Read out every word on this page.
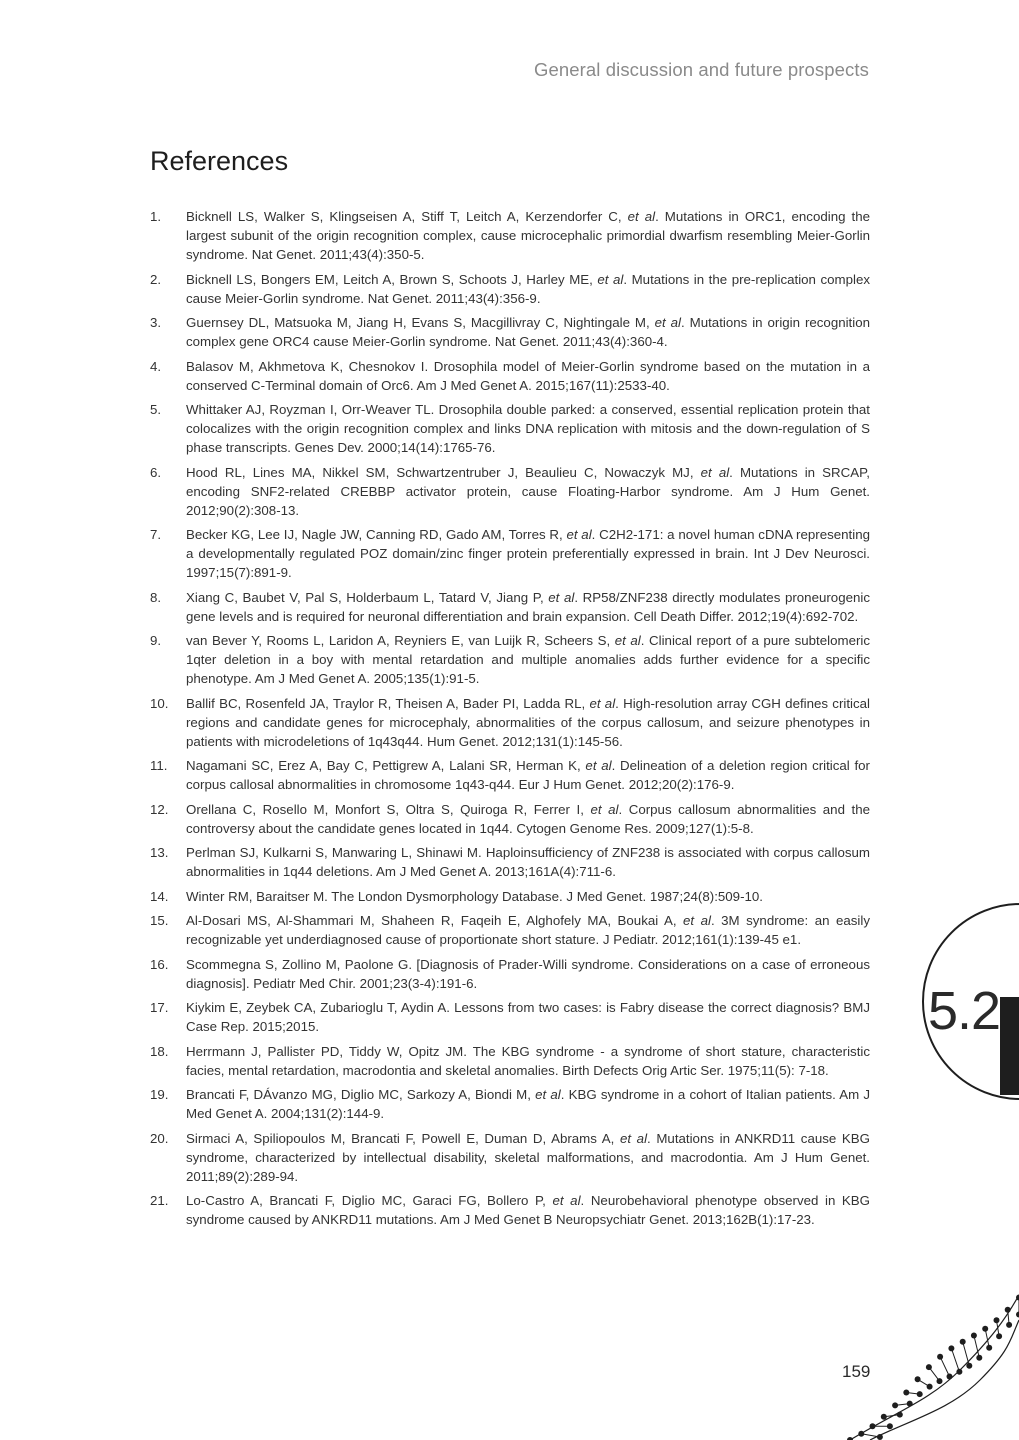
General discussion and future prospects
References
1. Bicknell LS, Walker S, Klingseisen A, Stiff T, Leitch A, Kerzendorfer C, et al. Mutations in ORC1, encoding the largest subunit of the origin recognition complex, cause microcephalic primordial dwarfism resembling Meier-Gorlin syndrome. Nat Genet. 2011;43(4):350-5.
2. Bicknell LS, Bongers EM, Leitch A, Brown S, Schoots J, Harley ME, et al. Mutations in the pre-replication complex cause Meier-Gorlin syndrome. Nat Genet. 2011;43(4):356-9.
3. Guernsey DL, Matsuoka M, Jiang H, Evans S, Macgillivray C, Nightingale M, et al. Mutations in origin recognition complex gene ORC4 cause Meier-Gorlin syndrome. Nat Genet. 2011;43(4):360-4.
4. Balasov M, Akhmetova K, Chesnokov I. Drosophila model of Meier-Gorlin syndrome based on the mutation in a conserved C-Terminal domain of Orc6. Am J Med Genet A. 2015;167(11):2533-40.
5. Whittaker AJ, Royzman I, Orr-Weaver TL. Drosophila double parked: a conserved, essential replication protein that colocalizes with the origin recognition complex and links DNA replication with mitosis and the down-regulation of S phase transcripts. Genes Dev. 2000;14(14):1765-76.
6. Hood RL, Lines MA, Nikkel SM, Schwartzentruber J, Beaulieu C, Nowaczyk MJ, et al. Mutations in SRCAP, encoding SNF2-related CREBBP activator protein, cause Floating-Harbor syndrome. Am J Hum Genet. 2012;90(2):308-13.
7. Becker KG, Lee IJ, Nagle JW, Canning RD, Gado AM, Torres R, et al. C2H2-171: a novel human cDNA representing a developmentally regulated POZ domain/zinc finger protein preferentially expressed in brain. Int J Dev Neurosci. 1997;15(7):891-9.
8. Xiang C, Baubet V, Pal S, Holderbaum L, Tatard V, Jiang P, et al. RP58/ZNF238 directly modulates proneurogenic gene levels and is required for neuronal differentiation and brain expansion. Cell Death Differ. 2012;19(4):692-702.
9. van Bever Y, Rooms L, Laridon A, Reyniers E, van Luijk R, Scheers S, et al. Clinical report of a pure subtelomeric 1qter deletion in a boy with mental retardation and multiple anomalies adds further evidence for a specific phenotype. Am J Med Genet A. 2005;135(1):91-5.
10. Ballif BC, Rosenfeld JA, Traylor R, Theisen A, Bader PI, Ladda RL, et al. High-resolution array CGH defines critical regions and candidate genes for microcephaly, abnormalities of the corpus callosum, and seizure phenotypes in patients with microdeletions of 1q43q44. Hum Genet. 2012;131(1):145-56.
11. Nagamani SC, Erez A, Bay C, Pettigrew A, Lalani SR, Herman K, et al. Delineation of a deletion region critical for corpus callosal abnormalities in chromosome 1q43-q44. Eur J Hum Genet. 2012;20(2):176-9.
12. Orellana C, Rosello M, Monfort S, Oltra S, Quiroga R, Ferrer I, et al. Corpus callosum abnormalities and the controversy about the candidate genes located in 1q44. Cytogen Genome Res. 2009;127(1):5-8.
13. Perlman SJ, Kulkarni S, Manwaring L, Shinawi M. Haploinsufficiency of ZNF238 is associated with corpus callosum abnormalities in 1q44 deletions. Am J Med Genet A. 2013;161A(4):711-6.
14. Winter RM, Baraitser M. The London Dysmorphology Database. J Med Genet. 1987;24(8):509-10.
15. Al-Dosari MS, Al-Shammari M, Shaheen R, Faqeih E, Alghofely MA, Boukai A, et al. 3M syndrome: an easily recognizable yet underdiagnosed cause of proportionate short stature. J Pediatr. 2012;161(1):139-45 e1.
16. Scommegna S, Zollino M, Paolone G. [Diagnosis of Prader-Willi syndrome. Considerations on a case of erroneous diagnosis]. Pediatr Med Chir. 2001;23(3-4):191-6.
17. Kiykim E, Zeybek CA, Zubarioglu T, Aydin A. Lessons from two cases: is Fabry disease the correct diagnosis? BMJ Case Rep. 2015;2015.
18. Herrmann J, Pallister PD, Tiddy W, Opitz JM. The KBG syndrome - a syndrome of short stature, characteristic facies, mental retardation, macrodontia and skeletal anomalies. Birth Defects Orig Artic Ser. 1975;11(5): 7-18.
19. Brancati F, DÁvanzo MG, Diglio MC, Sarkozy A, Biondi M, et al. KBG syndrome in a cohort of Italian patients. Am J Med Genet A. 2004;131(2):144-9.
20. Sirmaci A, Spiliopoulos M, Brancati F, Powell E, Duman D, Abrams A, et al. Mutations in ANKRD11 cause KBG syndrome, characterized by intellectual disability, skeletal malformations, and macrodontia. Am J Hum Genet. 2011;89(2):289-94.
21. Lo-Castro A, Brancati F, Diglio MC, Garaci FG, Bollero P, et al. Neurobehavioral phenotype observed in KBG syndrome caused by ANKRD11 mutations. Am J Med Genet B Neuropsychiatr Genet. 2013;162B(1):17-23.
5.2
159
